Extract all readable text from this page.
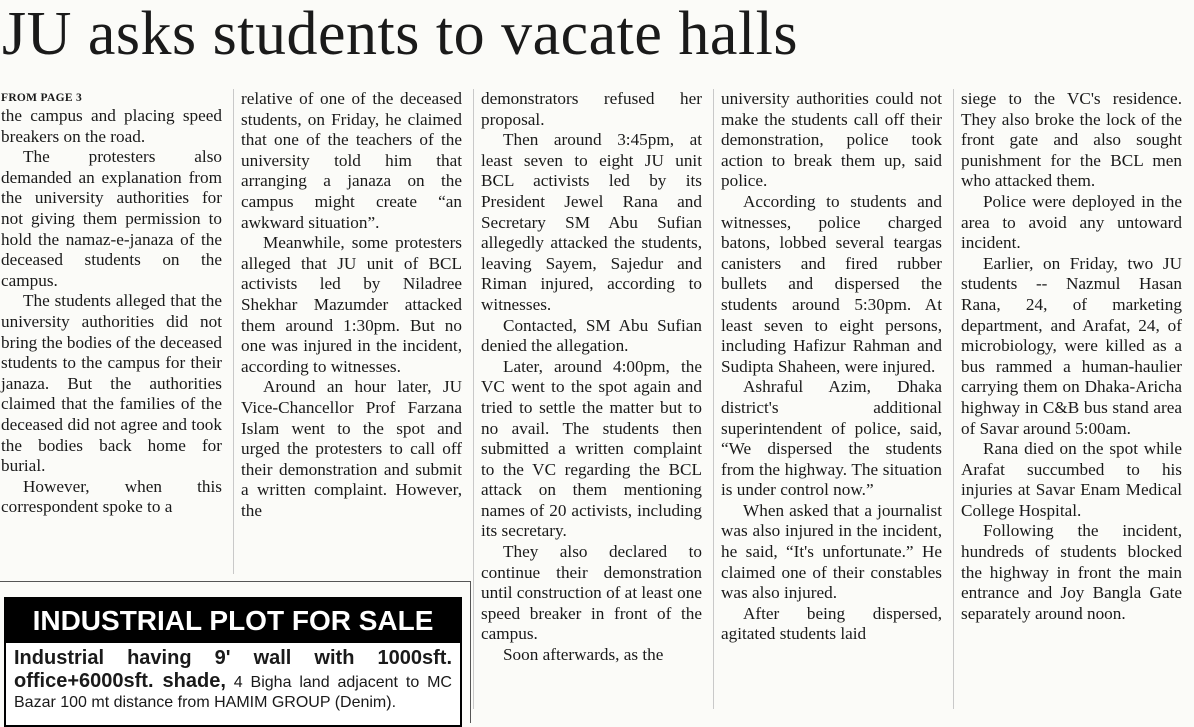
JU asks students to vacate halls
FROM PAGE 3

the campus and placing speed breakers on the road.

The protesters also demanded an explanation from the university authorities for not giving them permission to hold the namaz-e-janaza of the deceased students on the campus.

The students alleged that the university authorities did not bring the bodies of the deceased students to the campus for their janaza. But the authorities claimed that the families of the deceased did not agree and took the bodies back home for burial.

However, when this correspondent spoke to a

relative of one of the deceased students, on Friday, he claimed that one of the teachers of the university told him that arranging a janaza on the campus might create “an awkward situation”.

Meanwhile, some protesters alleged that JU unit of BCL activists led by Niladree Shekhar Mazumder attacked them around 1:30pm. But no one was injured in the incident, according to witnesses.

Around an hour later, JU Vice-Chancellor Prof Farzana Islam went to the spot and urged the protesters to call off their demonstration and submit a written complaint. However, the

demonstrators refused her proposal.

Then around 3:45pm, at least seven to eight JU unit BCL activists led by its President Jewel Rana and Secretary SM Abu Sufian allegedly attacked the students, leaving Sayem, Sajedur and Riman injured, according to witnesses.

Contacted, SM Abu Sufian denied the allegation.

Later, around 4:00pm, the VC went to the spot again and tried to settle the matter but to no avail. The students then submitted a written complaint to the VC regarding the BCL attack on them mentioning names of 20 activists, including its secretary.

They also declared to continue their demonstration until construction of at least one speed breaker in front of the campus.

Soon afterwards, as the

university authorities could not make the students call off their demonstration, police took action to break them up, said police.

According to students and witnesses, police charged batons, lobbed several teargas canisters and fired rubber bullets and dispersed the students around 5:30pm. At least seven to eight persons, including Hafizur Rahman and Sudipta Shaheen, were injured.

Ashraful Azim, Dhaka district's additional superintendent of police, said, “We dispersed the students from the highway. The situation is under control now.”

When asked that a journalist was also injured in the incident, he said, “It's unfortunate.” He claimed one of their constables was also injured.

After being dispersed, agitated students laid

siege to the VC's residence. They also broke the lock of the front gate and also sought punishment for the BCL men who attacked them.

Police were deployed in the area to avoid any untoward incident.

Earlier, on Friday, two JU students -- Nazmul Hasan Rana, 24, of marketing department, and Arafat, 24, of microbiology, were killed as a bus rammed a human-haulier carrying them on Dhaka-Aricha highway in C&B bus stand area of Savar around 5:00am.

Rana died on the spot while Arafat succumbed to his injuries at Savar Enam Medical College Hospital.

Following the incident, hundreds of students blocked the highway in front the main entrance and Joy Bangla Gate separately around noon.

INDUSTRIAL PLOT FOR SALE
Industrial having 9' wall with 1000sft. office+6000sft. shade, 4 Bigha land adjacent to MC Bazar 100 mt distance from HAMIM GROUP (Denim).
